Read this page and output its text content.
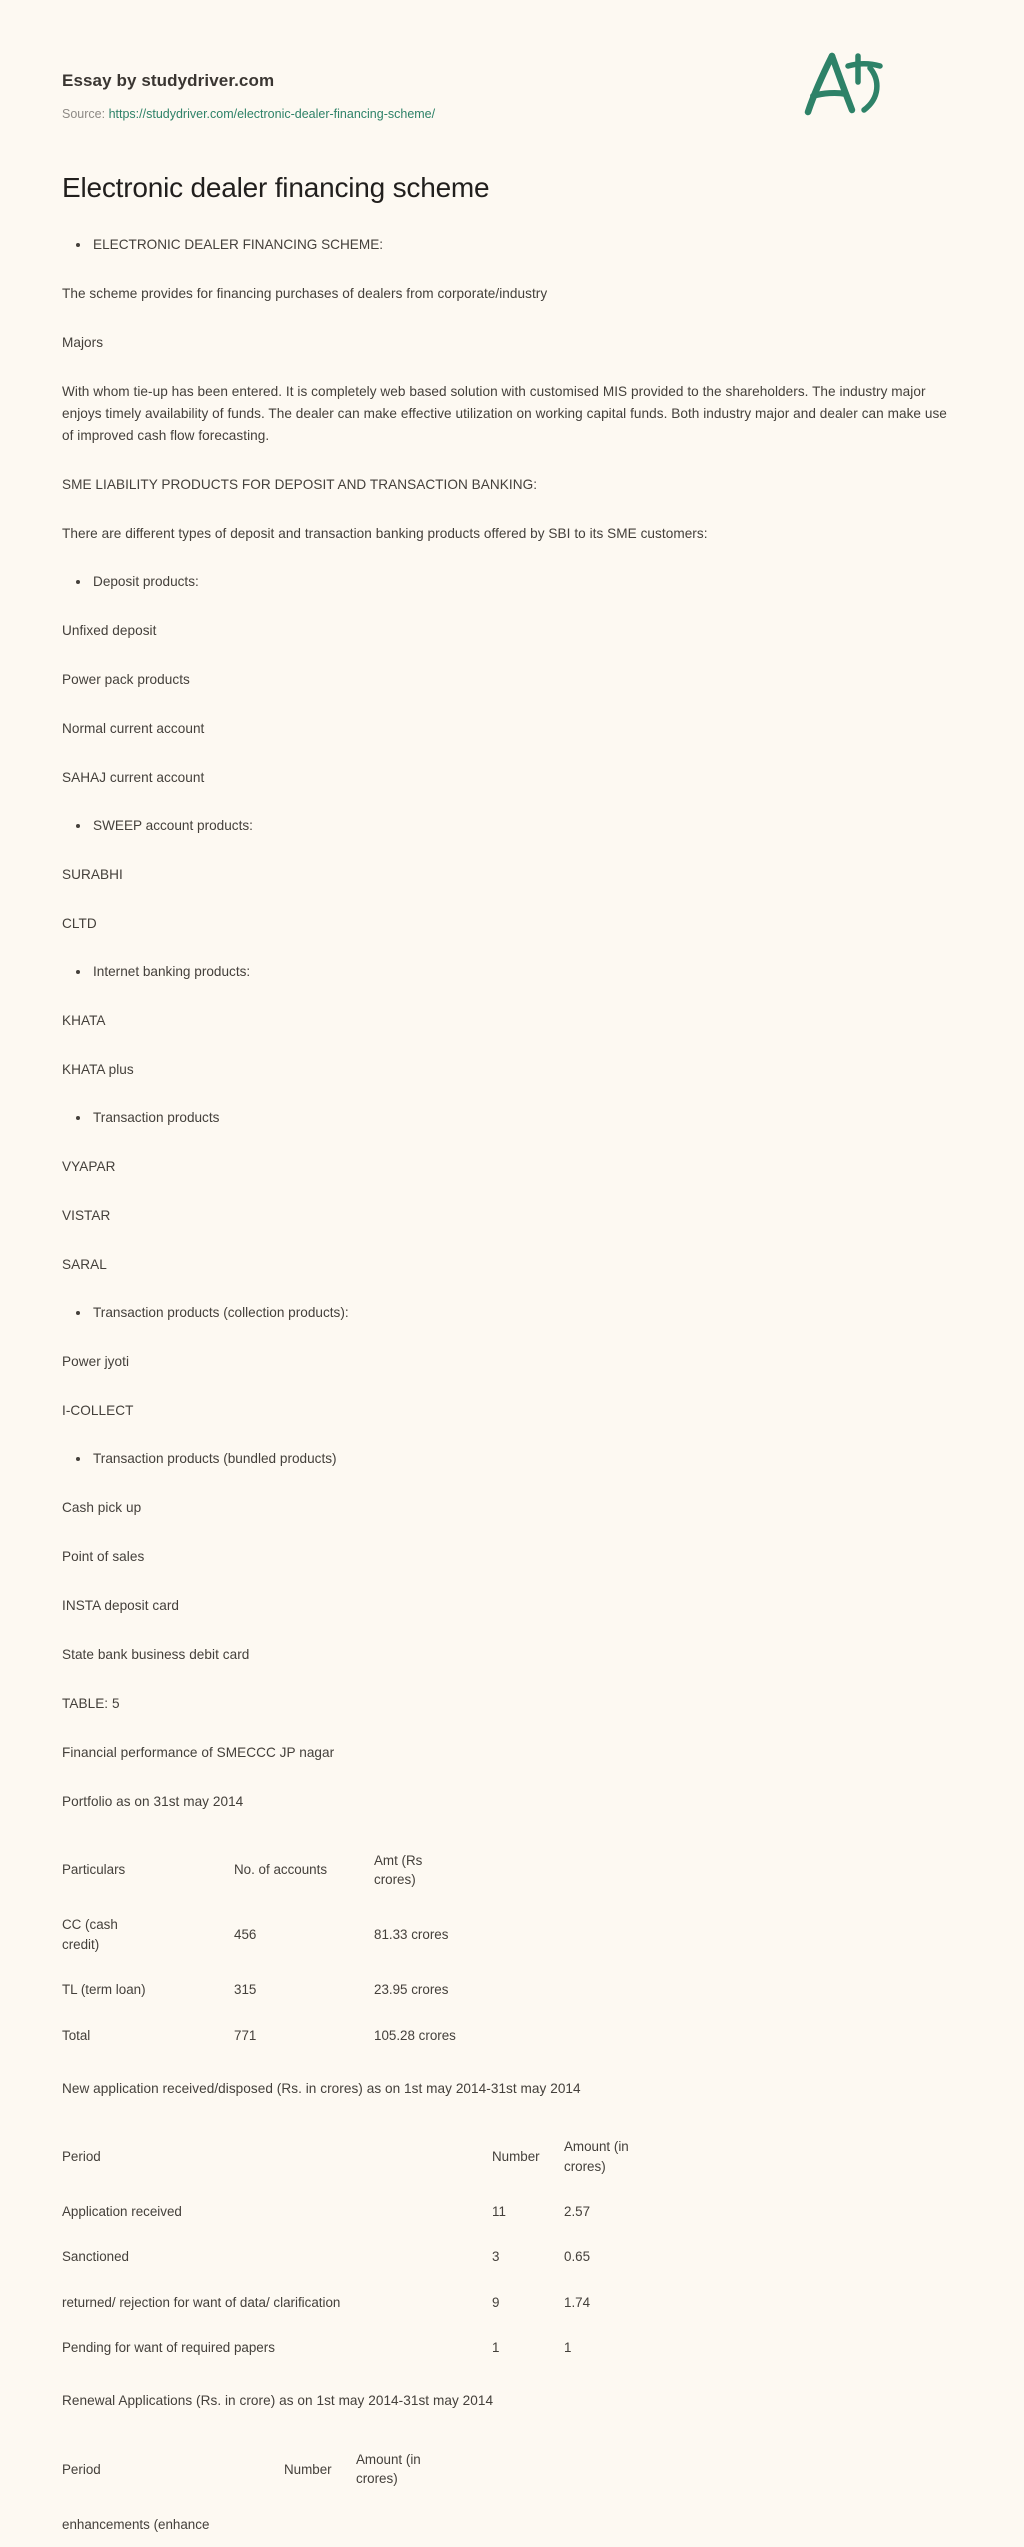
Essay by studydriver.com

Source: https://studydriver.com/electronic-dealer-financing-scheme/

Electronic dealer financing scheme
ELECTRONIC DEALER FINANCING SCHEME:

The scheme provides for financing purchases of dealers from corporate/industry

Majors

With whom tie-up has been entered. It is completely web based solution with customised MIS provided to the shareholders. The industry major enjoys timely availability of funds. The dealer can make effective utilization on working capital funds. Both industry major and dealer can make use of improved cash flow forecasting.

SME LIABILITY PRODUCTS FOR DEPOSIT AND TRANSACTION BANKING:

There are different types of deposit and transaction banking products offered by SBI to its SME customers:

Deposit products:

Unfixed deposit

Power pack products

Normal current account

SAHAJ current account

SWEEP account products:

SURABHI

CLTD

Internet banking products:

KHATA

KHATA plus

Transaction products

VYAPAR

VISTAR

SARAL

Transaction products (collection products):

Power jyoti

I-COLLECT

Transaction products (bundled products)

Cash pick up

Point of sales

INSTA deposit card

State bank business debit card

TABLE: 5

Financial performance of SMECCC JP nagar

Portfolio as on 31st may 2014

Particulars	No. of accounts	Amt (Rs crores)
CC (cash credit)	456	81.33 crores
TL (term loan)	315	23.95 crores
Total	771	105.28 crores

New application received/disposed (Rs. in crores) as on 1st may 2014-31st may 2014

Period	Number	Amount (in crores)
Application received	11	2.57
Sanctioned	3	0.65
returned/ rejection for want of data/ clarification	9	1.74
Pending for want of required papers	1	1

Renewal Applications (Rs. in crore) as on 1st may 2014-31st may 2014

Period	Number	Amount (in crores)
enhancements (enhance		
